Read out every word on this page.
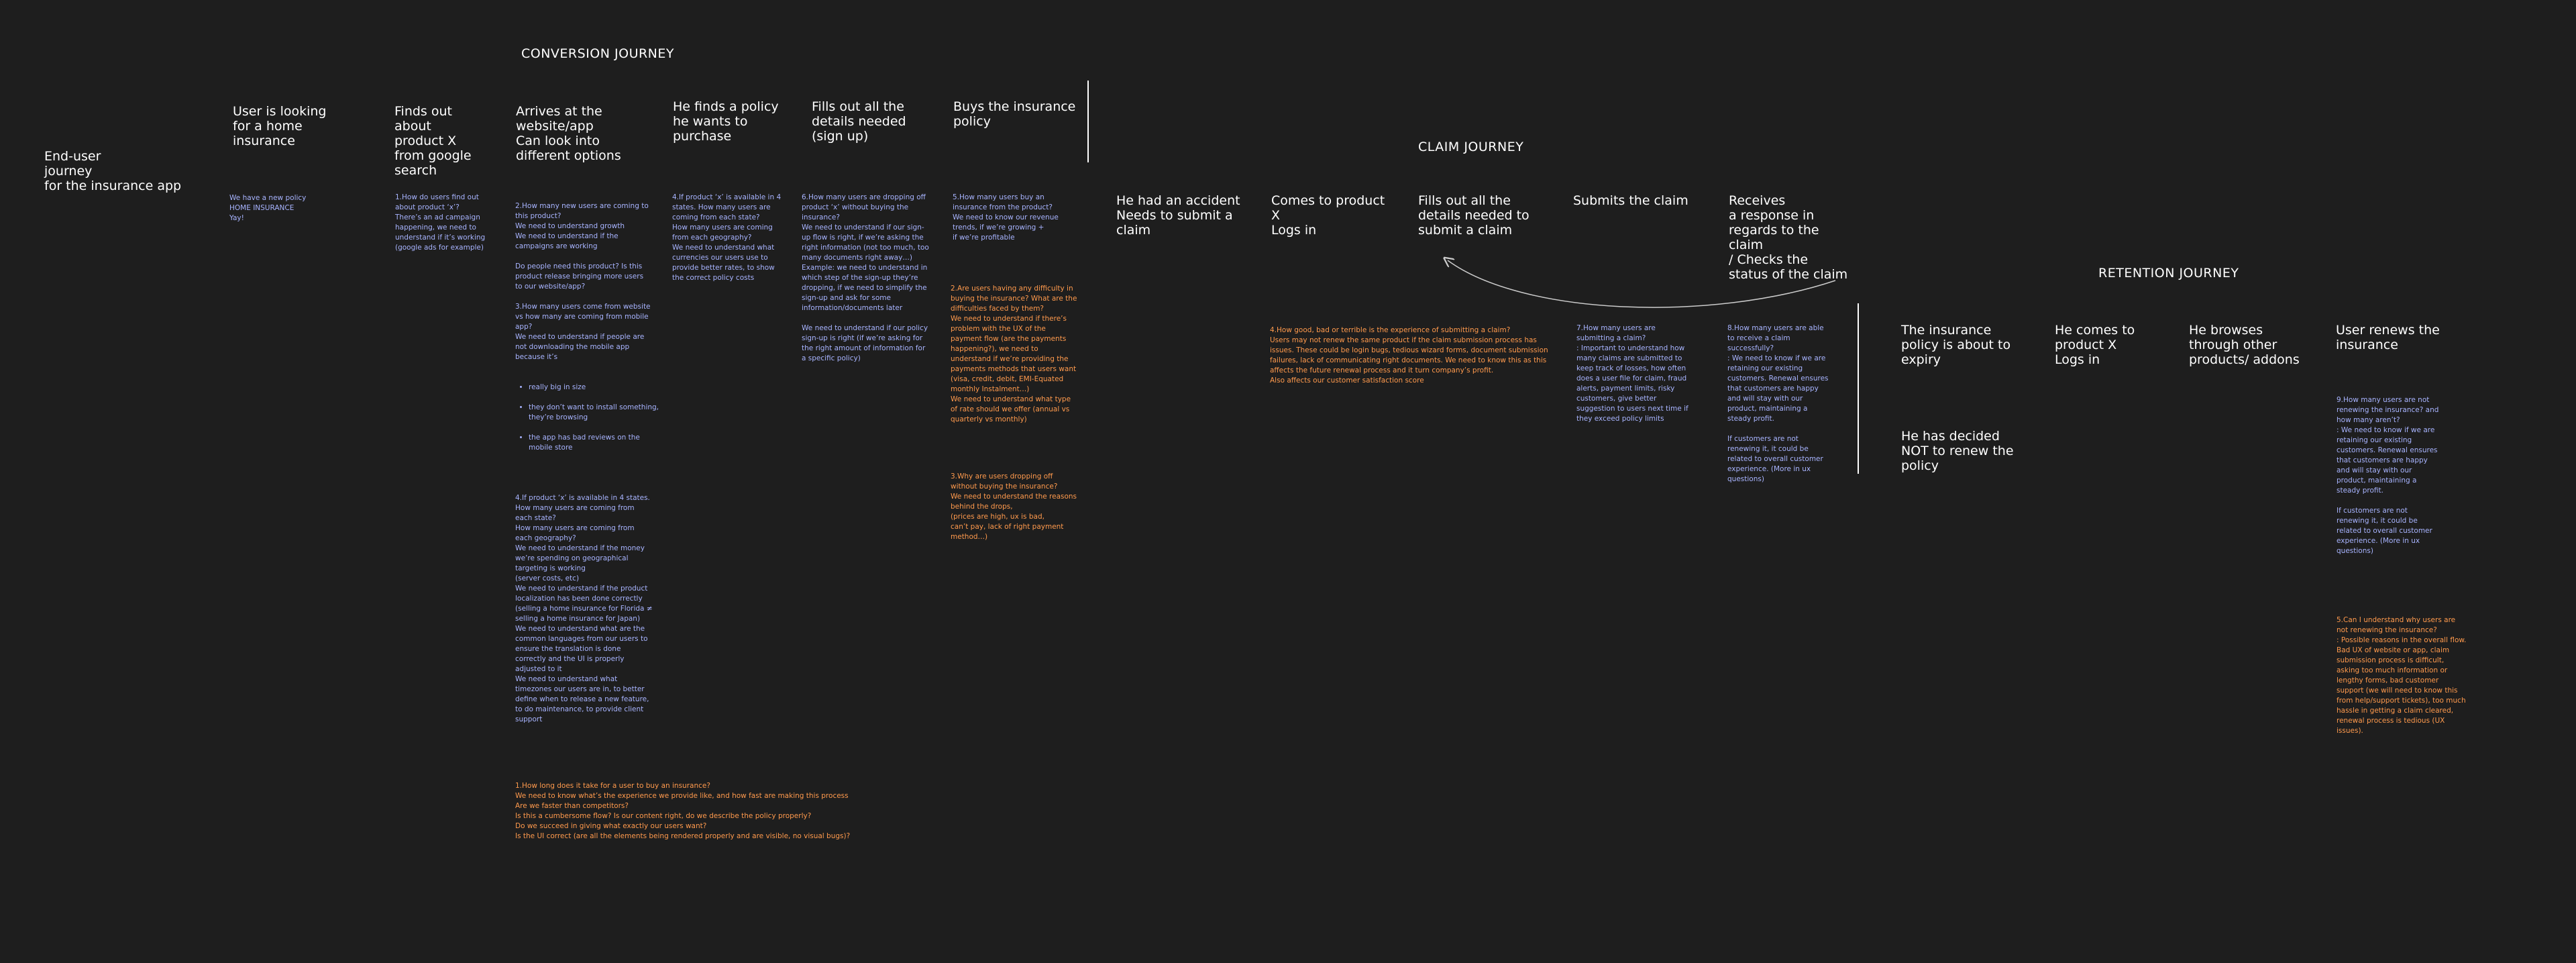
CONVERSION JOURNEY
CLAIM JOURNEY
RETENTION JOURNEY
End-user
journey
for the insurance app
User is looking
for a home
insurance
We have a new policy
HOME INSURANCE
Yay!
Finds out
about
product X
from google
search
1.How do users find out
about product ‘x’?
There’s an ad campaign
happening, we need to
understand if it’s working
(google ads for example)
Arrives at the
website/app
Can look into
different options

2.How many new users are coming to
this product?
We need to understand growth
We need to understand if the
campaigns are working

Do people need this product? Is this
product release bringing more users
to our website/app?

3.How many users come from website
vs how many are coming from mobile
app?
We need to understand if people are
not downloading the mobile app
because it’s

• really big in size

• they don’t want to install something, they’re browsing

• the app has bad reviews on the mobile store

4.If product ‘x’ is available in 4 states.
How many users are coming from
each state?
How many users are coming from
each geography?
We need to understand if the money
we’re spending on geographical
targeting is working
(server costs, etc)
We need to understand if the product
localization has been done correctly
(selling a home insurance for Florida ≠
selling a home insurance for Japan)
We need to understand what are the
common languages from our users to
ensure the translation is done
correctly and the UI is properly
adjusted to it
We need to understand what
timezones our users are in, to better
define when to release a new feature,
to do maintenance, to provide client
support

1.How long does it take for a user to buy an insurance?
We need to know what’s the experience we provide like, and how fast are making this process
Are we faster than competitors?
Is this a cumbersome flow? Is our content right, do we describe the policy properly?
Do we succeed in giving what exactly our users want?
Is the UI correct (are all the elements being rendered properly and are visible, no visual bugs)?
He finds a policy
he wants to
purchase
4.If product ‘x’ is available in 4
states. How many users are
coming from each state?
How many users are coming
from each geography?
We need to understand what
currencies our users use to
provide better rates, to show
the correct policy costs
Fills out all the
details needed
(sign up)
6.How many users are dropping off
product ‘x’ without buying the
insurance?
We need to understand if our sign-
up flow is right, if we’re asking the
right information (not too much, too
many documents right away…)
Example: we need to understand in
which step of the sign-up they’re
dropping, if we need to simplify the
sign-up and ask for some
information/documents later

We need to understand if our policy
sign-up is right (if we’re asking for
the right amount of information for
a specific policy)
Buys the insurance
policy
5.How many users buy an
insurance from the product?
We need to know our revenue
trends, if we’re growing +
if we’re profitable
2.Are users having any difficulty in
buying the insurance? What are the
difficulties faced by them?
We need to understand if there’s
problem with the UX of the
payment flow (are the payments
happening?), we need to
understand if we’re providing the
payments methods that users want
(visa, credit, debit, EMI-Equated
monthly Instalment…)
We need to understand what type
of rate should we offer (annual vs
quarterly vs monthly)
3.Why are users dropping off
without buying the insurance?
We need to understand the reasons
behind the drops,
(prices are high, ux is bad,
can’t pay, lack of right payment
method…)
He had an accident
Needs to submit a
claim
Comes to product
X
Logs in
4.How good, bad or terrible is the experience of submitting a claim?
Users may not renew the same product if the claim submission process has
issues. These could be login bugs, tedious wizard forms, document submission
failures, lack of communicating right documents. We need to know this as this
affects the future renewal process and it turn company’s profit.
Also affects our customer satisfaction score
Fills out all the
details needed to
submit a claim
Submits the claim
7.How many users are
submitting a claim?
: Important to understand how
many claims are submitted to
keep track of losses, how often
does a user file for claim, fraud
alerts, payment limits, risky
customers, give better
suggestion to users next time if
they exceed policy limits
Receives
a response in
regards to the
claim
/ Checks the
status of the claim
8.How many users are able
to receive a claim
successfully?
: We need to know if we are
retaining our existing
customers. Renewal ensures
that customers are happy
and will stay with our
product, maintaining a
steady profit.

If customers are not
renewing it, it could be
related to overall customer
experience. (More in ux
questions)
The insurance
policy is about to
expiry
He has decided
NOT to renew the
policy
He comes to
product X
Logs in
He browses
through other
products/ addons
User renews the
insurance
9.How many users are not
renewing the insurance? and
how many aren’t?
: We need to know if we are
retaining our existing
customers. Renewal ensures
that customers are happy
and will stay with our
product, maintaining a
steady profit.

If customers are not
renewing it, it could be
related to overall customer
experience. (More in ux
questions)
5.Can I understand why users are
not renewing the insurance?
: Possible reasons in the overall flow.
Bad UX of website or app, claim
submission process is difficult,
asking too much information or
lengthy forms, bad customer
support (we will need to know this
from help/support tickets), too much
hassle in getting a claim cleared,
renewal process is tedious (UX
issues).
